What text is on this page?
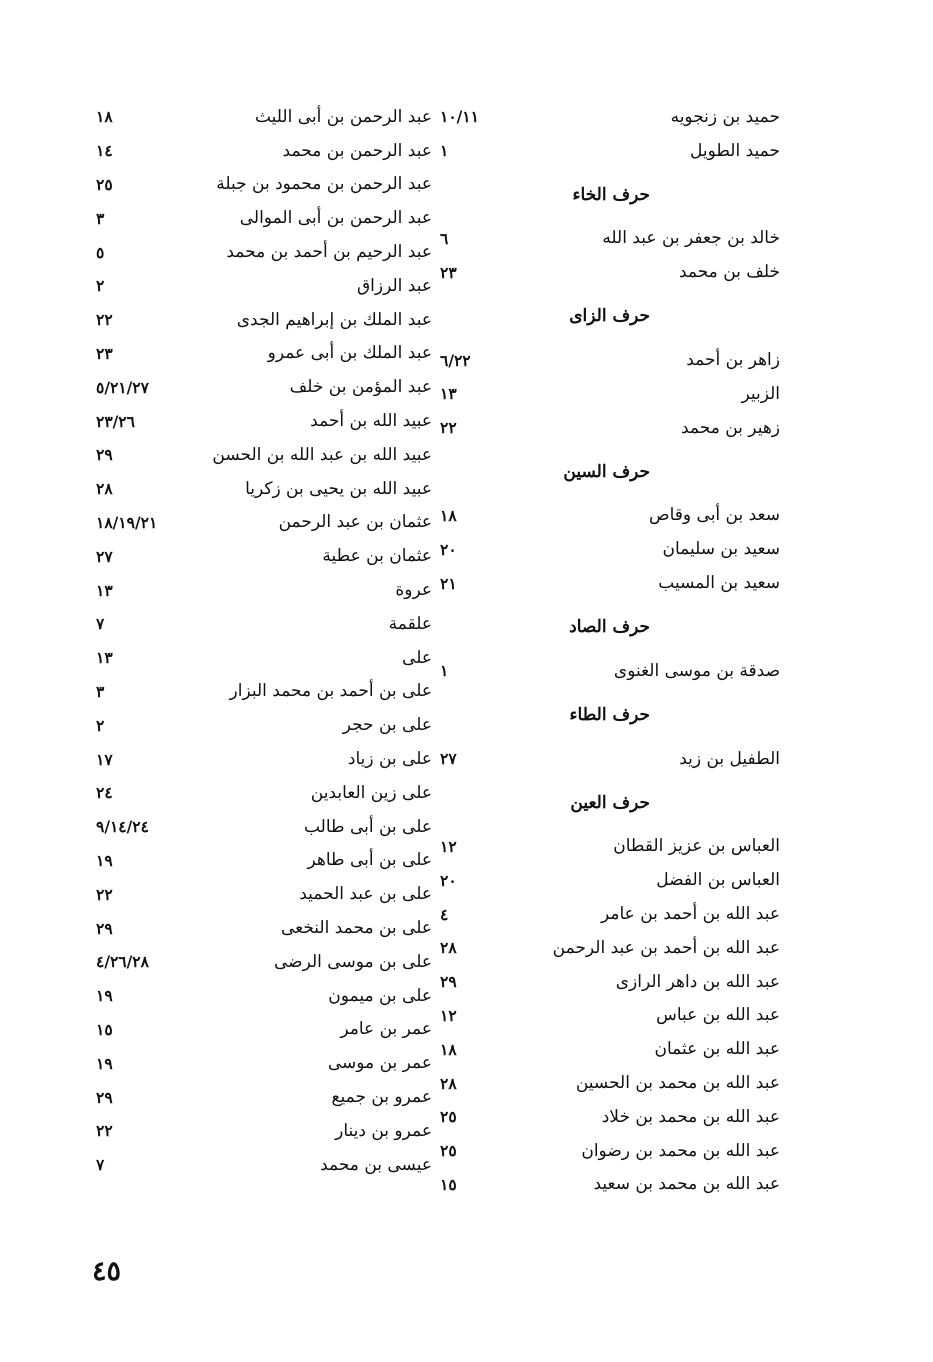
حميد بن زنجويه
١٠/١١
حميد الطويل
١
حرف الخاء
خالد بن جعفر بن عبد الله
٦
خلف بن محمد
٢٣
حرف الزاى
زاهر بن أحمد
٦/٢٢
الزبير
١٣
زهير بن محمد
٢٢
حرف السين
سعد بن أبى وقاص
١٨
سعيد بن سليمان
٢٠
سعيد بن المسيب
٢١
حرف الصاد
صدقة بن موسى الغنوى
١
حرف الطاء
الطفيل بن زيد
٢٧
حرف العين
العباس بن عزيز القطان
١٢
العباس بن الفضل
٢٠
عبد الله بن أحمد بن عامر
٤
عبد الله بن أحمد بن عبد الرحمن
٢٨
عبد الله بن داهر الرازى
٢٩
عبد الله بن عباس
١٢
عبد الله بن عثمان
١٨
عبد الله بن محمد بن الحسين
٢٨
عبد الله بن محمد بن خلاد
٢٥
عبد الله بن محمد بن رضوان
٢٥
عبد الله بن محمد بن سعيد
١٥
عبد الرحمن بن أبى الليث
١٨
عبد الرحمن بن محمد
١٤
عبد الرحمن بن محمود بن جبلة
٢٥
عبد الرحمن بن أبى الموالى
٣
عبد الرحيم بن أحمد بن محمد
٥
عبد الرزاق
٢
عبد الملك بن إبراهيم الجدى
٢٢
عبد الملك بن أبى عمرو
٢٣
عبد المؤمن بن خلف
٥/٢١/٢٧
عبيد الله بن أحمد
٢٣/٢٦
عبيد الله بن عبد الله بن الحسن
٢٩
عبيد الله بن يحيى بن زكريا
٢٨
عثمان بن عبد الرحمن
١٨/١٩/٢١
عثمان بن عطية
٢٧
عروة
١٣
علقمة
٧
على
١٣
على بن أحمد بن محمد البزار
٣
على بن حجر
٢
على بن زياد
١٧
على زين العابدين
٢٤
على بن أبى طالب
٩/١٤/٢٤
على بن أبى طاهر
١٩
على بن عبد الحميد
٢٢
على بن محمد النخعى
٢٩
على بن موسى الرضى
٤/٢٦/٢٨
على بن ميمون
١٩
عمر بن عامر
١٥
عمر بن موسى
١٩
عمرو بن جميع
٢٩
عمرو بن دينار
٢٢
عيسى بن محمد
٧
٤٥
